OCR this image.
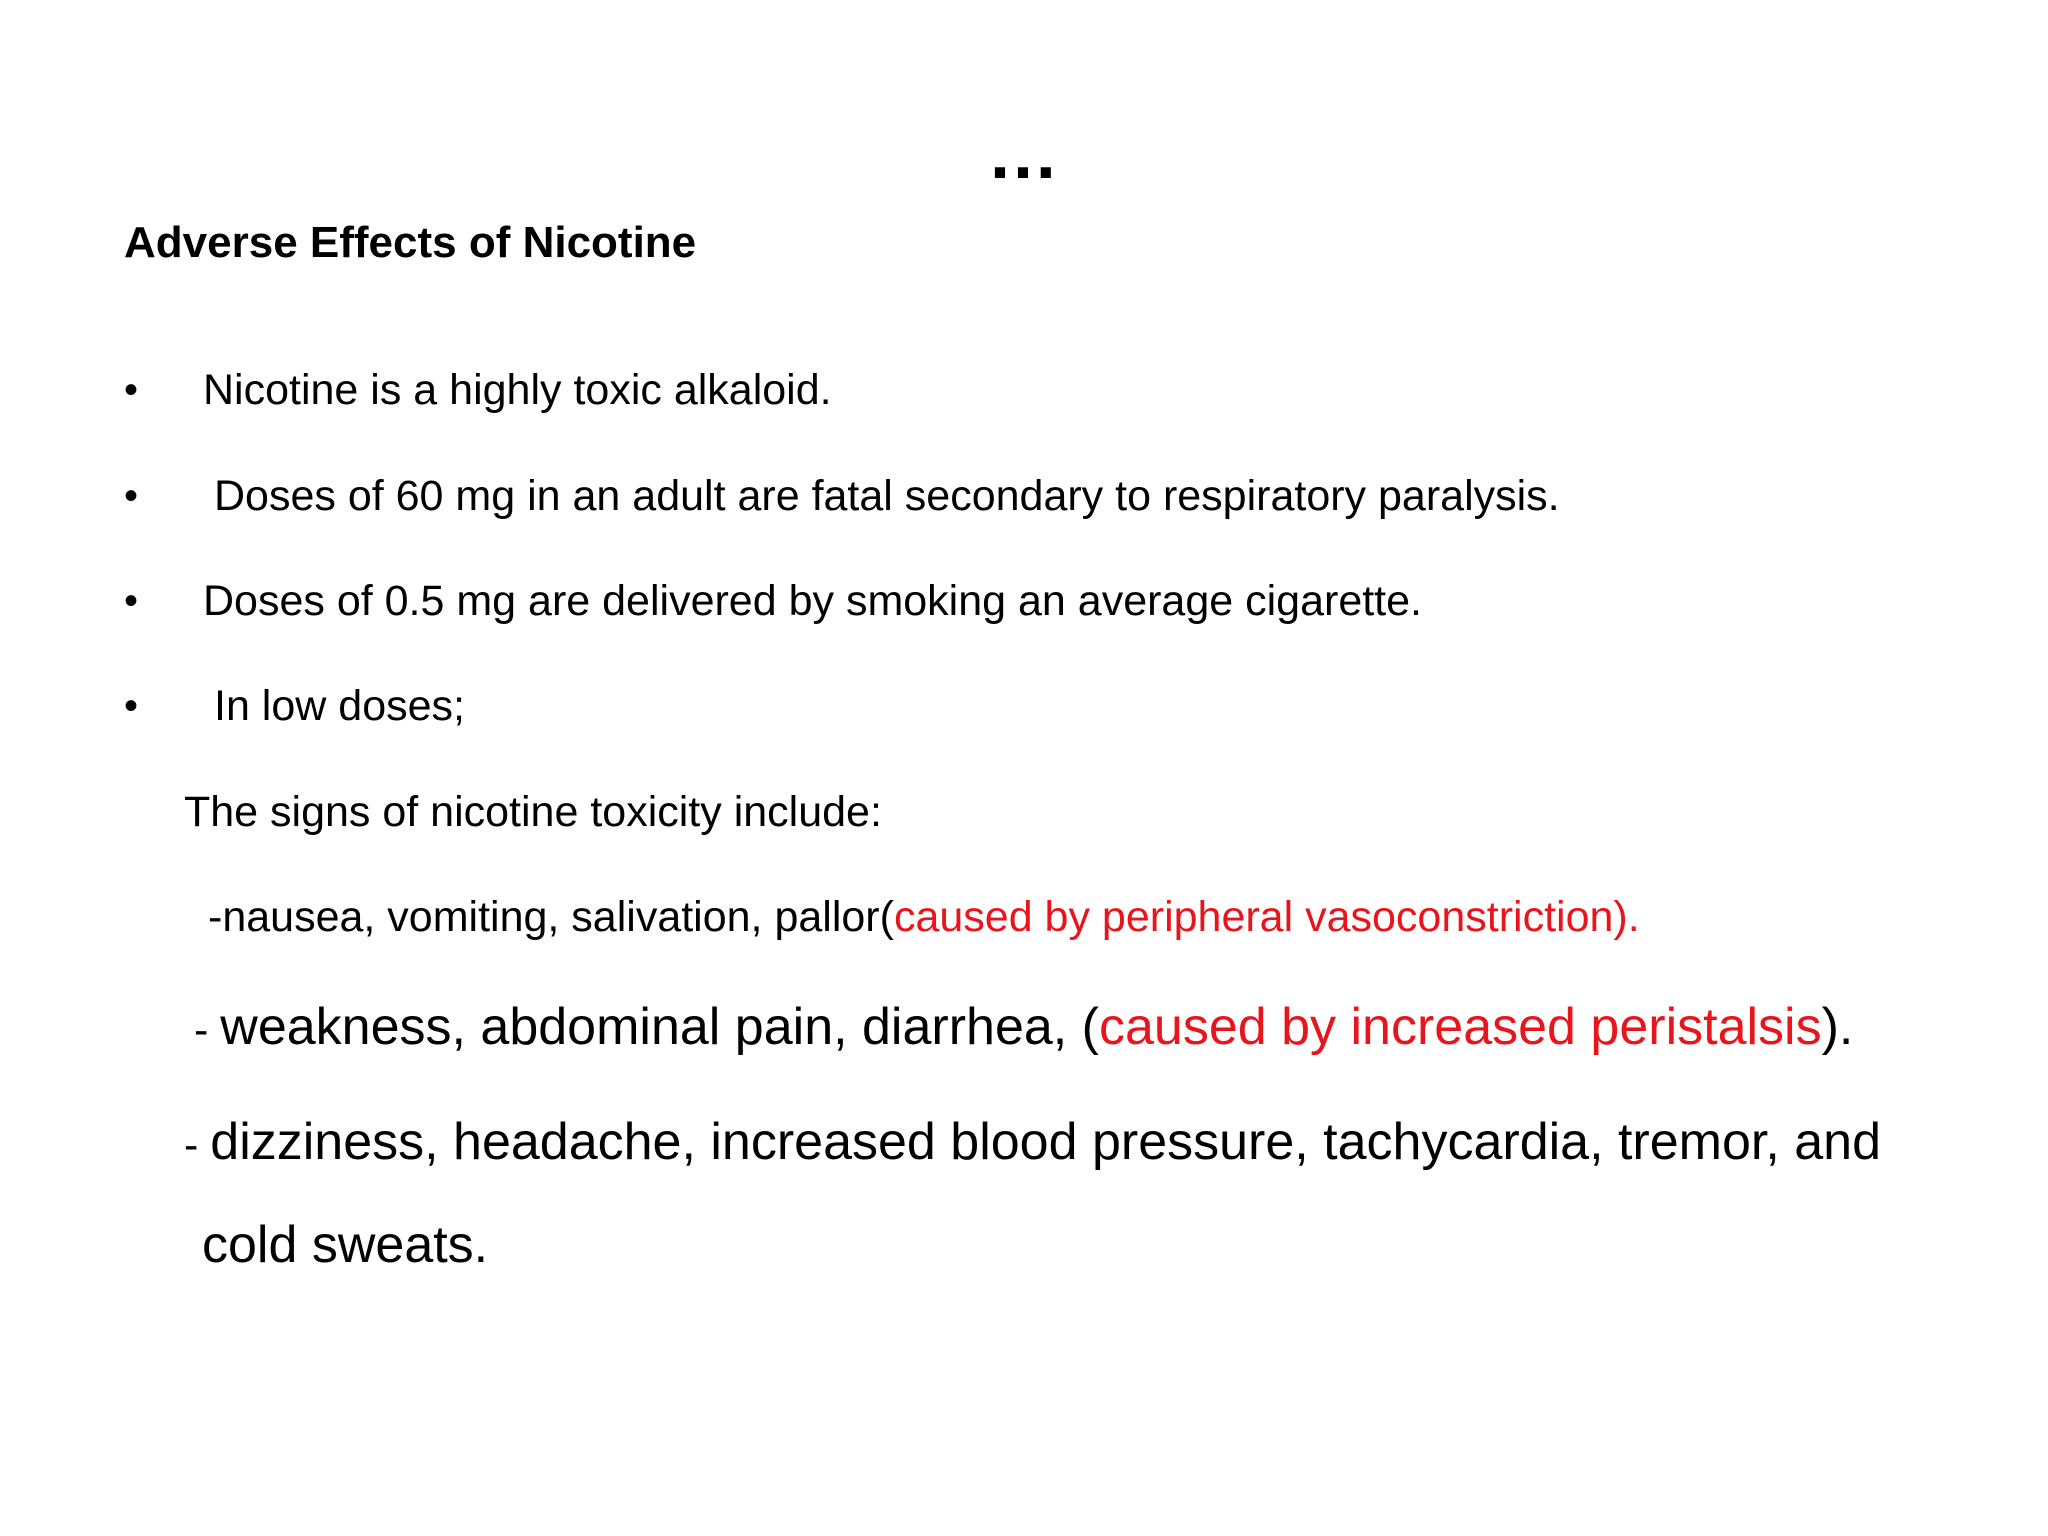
…
Adverse Effects of Nicotine
• Nicotine is a highly toxic alkaloid.
• Doses of 60 mg in an adult are fatal secondary to respiratory paralysis.
• Doses of 0.5 mg are delivered by smoking an average cigarette.
• In low doses;
The signs of nicotine toxicity include:
-nausea, vomiting, salivation, pallor(caused by peripheral vasoconstriction).
- weakness, abdominal pain, diarrhea, (caused by increased peristalsis).
- dizziness, headache, increased blood pressure, tachycardia, tremor, and
cold sweats.
